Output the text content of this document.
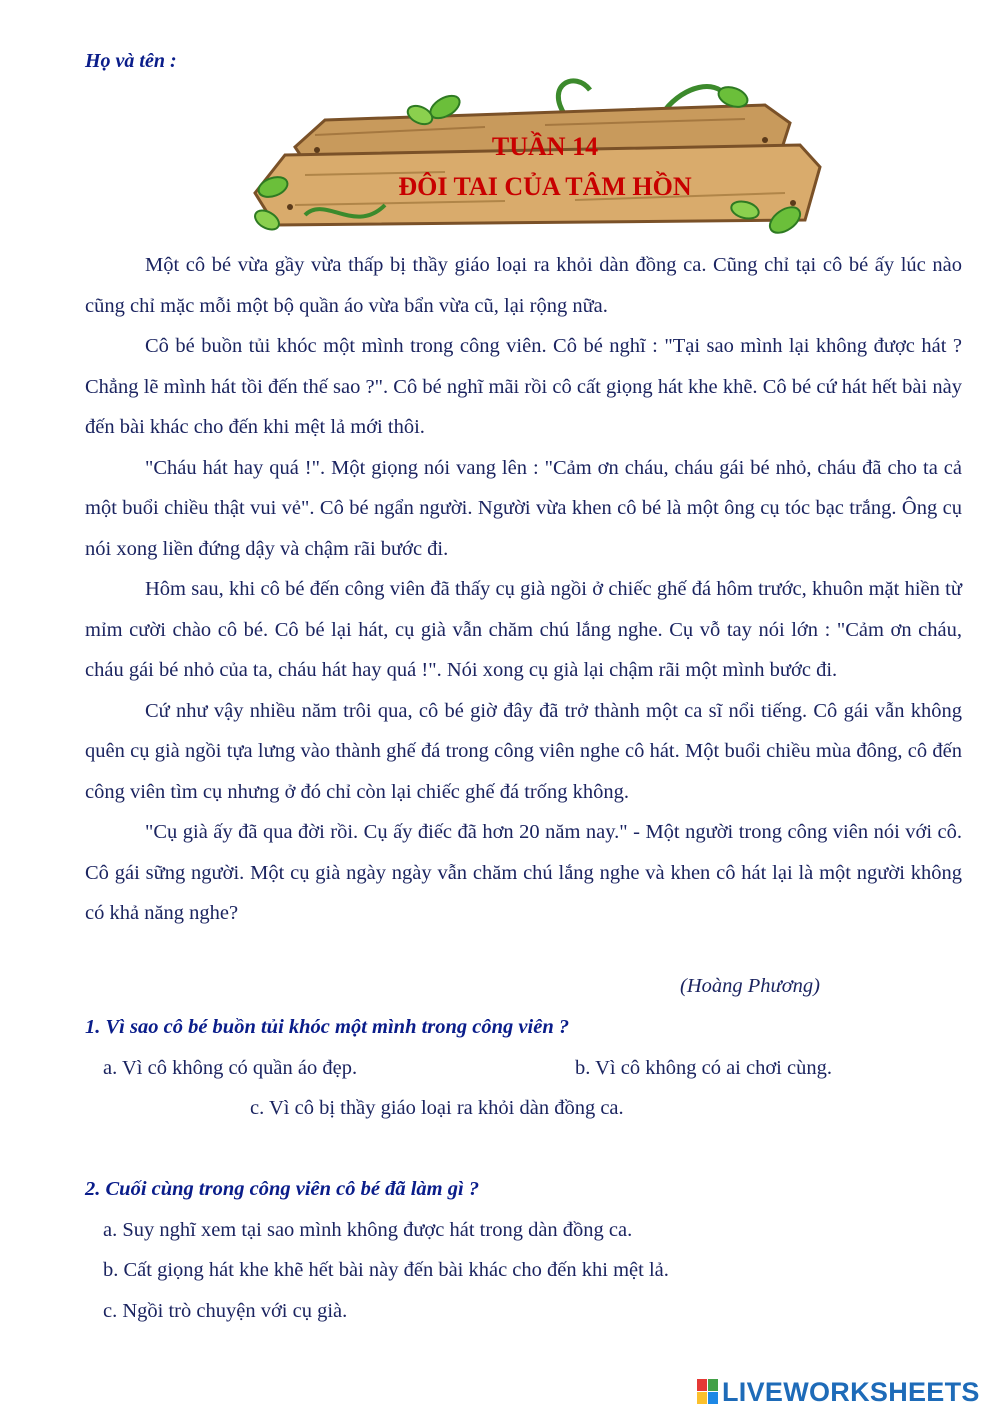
Họ và tên :
TUẦN 14
ĐÔI TAI CỦA TÂM HỒN

Một cô bé vừa gầy vừa thấp bị thầy giáo loại ra khỏi dàn đồng ca. Cũng chỉ tại cô bé ấy lúc nào cũng chỉ mặc mỗi một bộ quần áo vừa bẩn vừa cũ, lại rộng nữa.

Cô bé buồn tủi khóc một mình trong công viên. Cô bé nghĩ : "Tại sao mình lại không được hát ? Chẳng lẽ mình hát tồi đến thế sao ?". Cô bé nghĩ mãi rồi cô cất giọng hát khe khẽ. Cô bé cứ hát hết bài này đến bài khác cho đến khi mệt lả mới thôi.

"Cháu hát hay quá !". Một giọng nói vang lên : "Cảm ơn cháu, cháu gái bé nhỏ, cháu đã cho ta cả một buổi chiều thật vui vẻ". Cô bé ngẩn người. Người vừa khen cô bé là một ông cụ tóc bạc trắng. Ông cụ nói xong liền đứng dậy và chậm rãi bước đi.

Hôm sau, khi cô bé đến công viên đã thấy cụ già ngồi ở chiếc ghế đá hôm trước, khuôn mặt hiền từ mỉm cười chào cô bé. Cô bé lại hát, cụ già vẫn chăm chú lắng nghe. Cụ vỗ tay nói lớn : "Cảm ơn cháu, cháu gái bé nhỏ của ta, cháu hát hay quá !". Nói xong cụ già lại chậm rãi một mình bước đi.

Cứ như vậy nhiều năm trôi qua, cô bé giờ đây đã trở thành một ca sĩ nổi tiếng. Cô gái vẫn không quên cụ già ngồi tựa lưng vào thành ghế đá trong công viên nghe cô hát. Một buổi chiều mùa đông, cô đến công viên tìm cụ nhưng ở đó chỉ còn lại chiếc ghế đá trống không.

"Cụ già ấy đã qua đời rồi. Cụ ấy điếc đã hơn 20 năm nay." - Một người trong công viên nói với cô. Cô gái sững người. Một cụ già ngày ngày vẫn chăm chú lắng nghe và khen cô hát lại là một người không có khả năng nghe?

(Hoàng Phương)
1. Vì sao cô bé buồn tủi khóc một mình trong công viên ?
a. Vì cô không có quần áo đẹp.	b. Vì cô không có ai chơi cùng.
c. Vì cô bị thầy giáo loại ra khỏi dàn đồng ca.
2. Cuối cùng trong công viên cô bé đã làm gì ?
a. Suy nghĩ xem tại sao mình không được hát trong dàn đồng ca.
b. Cất giọng hát khe khẽ hết bài này đến bài khác cho đến khi mệt lả.
c. Ngồi trò chuyện với cụ già.
LIVEWORKSHEETS
